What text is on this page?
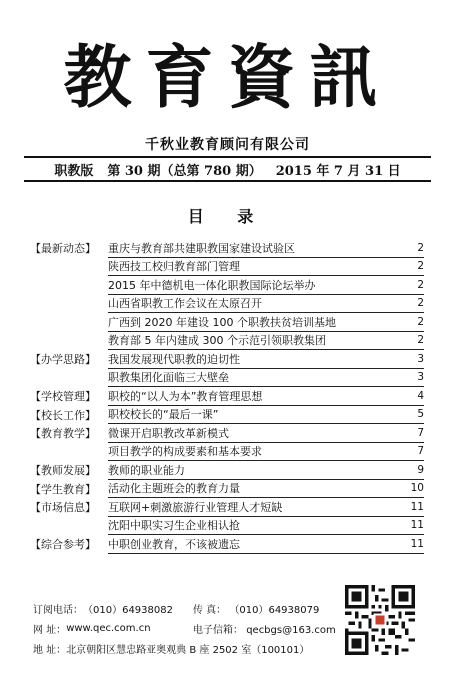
教育資訊
千秋业教育顾问有限公司
职教版 第 30 期（总第 780 期） 2015 年 7 月 31 日
目 录
【最新动态】	重庆与教育部共建职教国家建设试验区	2
陕西技工校归教育部门管理	2
2015 年中德机电一体化职教国际论坛举办	2
山西省职教工作会议在太原召开	2
广西到 2020 年建设 100 个职教扶贫培训基地	2
教育部 5 年内建成 300 个示范引领职教集团	2
【办学思路】	我国发展现代职教的迫切性	3
职教集团化面临三大壁垒	3
【学校管理】	职校的“以人为本”教育管理思想	4
【校长工作】	职校校长的“最后一课”	5
【教育教学】	微课开启职教改革新模式	7
项目教学的构成要素和基本要求	7
【教师发展】	教师的职业能力	9
【学生教育】	活动化主题班会的教育力量	10
【市场信息】	互联网+刺激旅游行业管理人才短缺	11
沈阳中职实习生企业相认抢	11
【综合参考】	中职创业教育，不该被遗忘	11
订阅电话： （010）64938082 传 真： （010）64938079
网 址： www.qec.com.cn	电子信箱： qecbgs@163.com
地 址： 北京朝阳区慧忠路亚奥观典 B 座 2502 室（100101）
